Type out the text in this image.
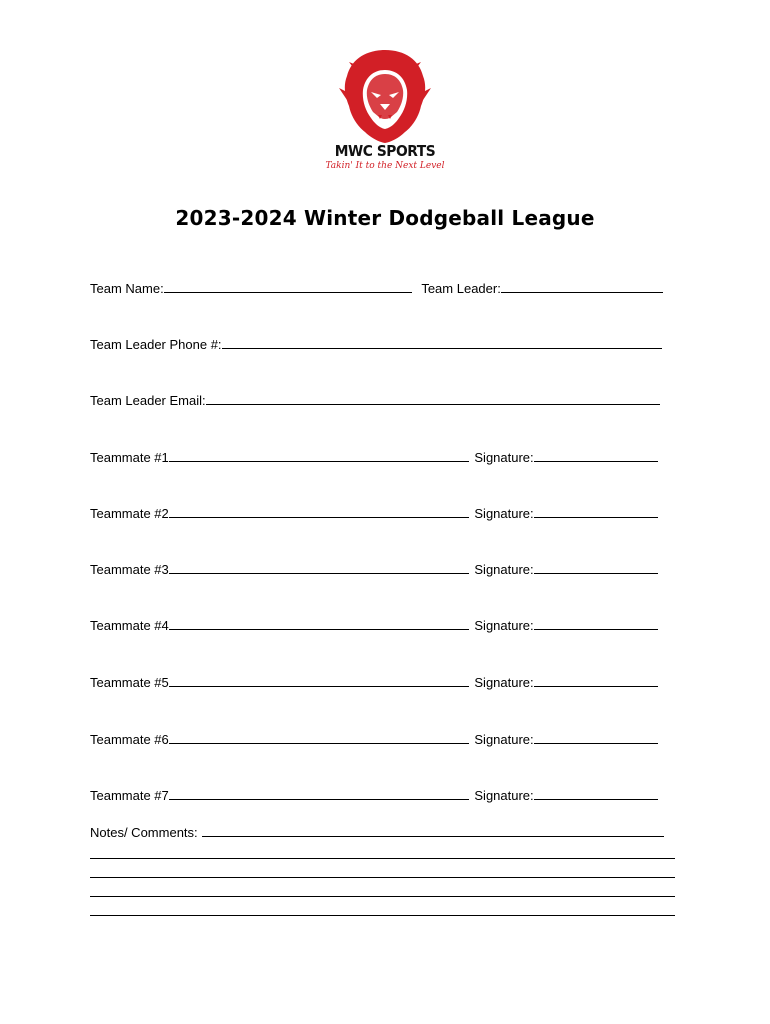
MWC SPORTS
Takin' It to the Next Level
2023-2024 Winter Dodgeball League
Team Name:	Team Leader:
Team Leader Phone #:
Team Leader Email:
Teammate #1	Signature:
Teammate #2	Signature:
Teammate #3	Signature:
Teammate #4	Signature:
Teammate #5	Signature:
Teammate #6	Signature:
Teammate #7	Signature:
Notes/ Comments:
